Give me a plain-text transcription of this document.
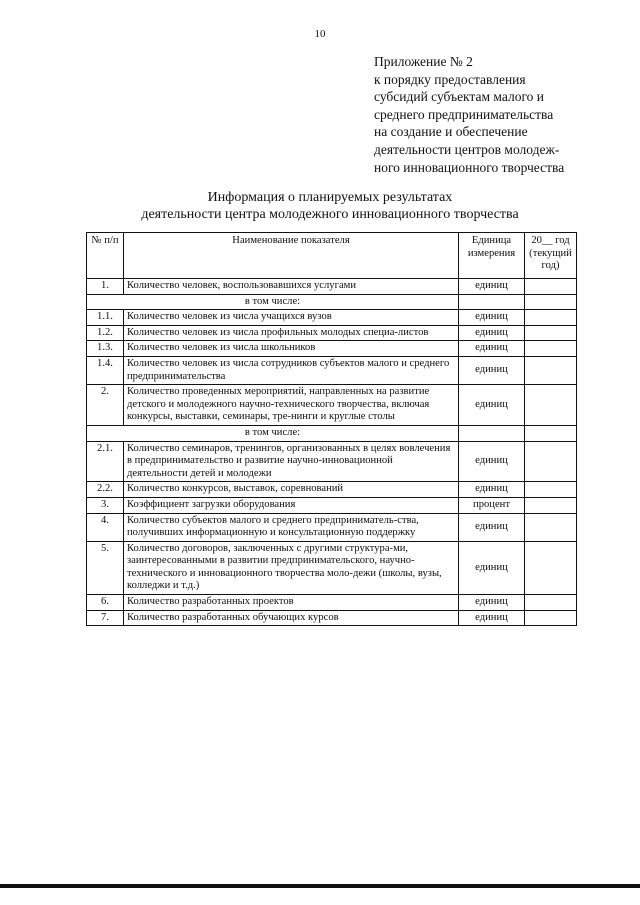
10
Приложение № 2
к порядку предоставления
субсидий субъектам малого и
среднего предпринимательства
на создание и обеспечение
деятельности центров молодеж-
ного инновационного творчества
Информация о планируемых результатах
деятельности центра молодежного инновационного творчества
№ п/п	Наименование показателя	Единица измерения	20__ год (текущий год)
1.	Количество человек, воспользовавшихся услугами	единиц	
в том числе:			
1.1.	Количество человек из числа учащихся вузов	единиц	
1.2.	Количество человек из числа профильных молодых специа-листов	единиц	
1.3.	Количество человек из числа школьников	единиц	
1.4.	Количество человек из числа сотрудников субъектов малого и среднего предпринимательства	единиц	
2.	Количество проведенных мероприятий, направленных на развитие детского и молодежного научно-технического творчества, включая конкурсы, выставки, семинары, тре-нинги и круглые столы	единиц	
в том числе:			
2.1.	Количество семинаров, тренингов, организованных в целях вовлечения в предпринимательство и развитие научно-инновационной деятельности детей и молодежи	единиц	
2.2.	Количество конкурсов, выставок, соревнований	единиц	
3.	Коэффициент загрузки оборудования	процент	
4.	Количество субъектов малого и среднего предприниматель-ства, получивших информационную и консультационную поддержку	единиц	
5.	Количество договоров, заключенных с другими структура-ми, заинтересованными в развитии предпринимательского, научно-технического и инновационного творчества моло-дежи (школы, вузы, колледжи и т.д.)	единиц	
6.	Количество разработанных проектов	единиц	
7.	Количество разработанных обучающих курсов	единиц	
